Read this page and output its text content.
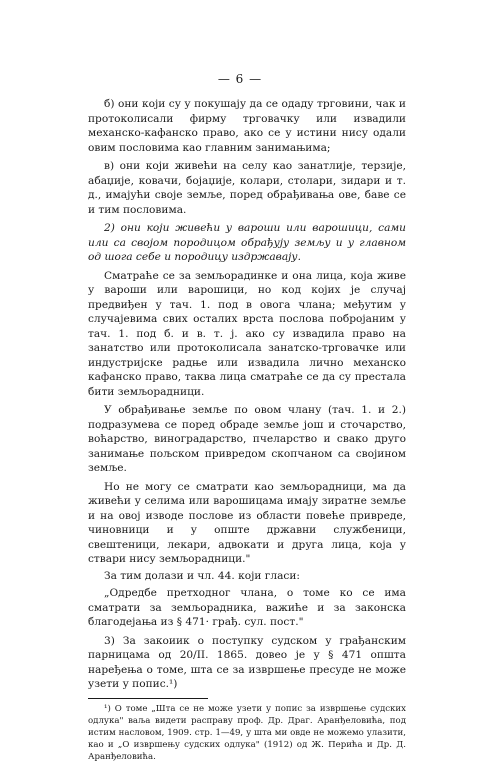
— 6 —

б) они који су у покушају да се одаду трговини, чак и протоколисали фирму трговачку или извадили механско-кафанско право, ако се у истини нису одали овим пословима као главним занимањима;

в) они који живећи на селу као занатлије, терзије, абаџије, ковачи, бојаџије, колари, столари, зидари и т. д., имајући своје земље, поред обрађивања ове, баве се и тим пословима.

2) они који живећи у вароши или варошици, сами или са својом породицом обрађују земљу и у главном од шога себе и породицу издржавају.

Сматраће се за земљорадинке и она лица, која живе у вароши или варошици, но код којих је случај предвиђен у тач. 1. под в овога члана; међутим у случајевима свих осталих врста послова побројаним у тач. 1. под б. и в. т. ј. ако су извадила право на занатство или протоколисала занатско-трговачке или индустријске радње или извадила лично механско кафанско право, таква лица сматраће се да су престала бити земљорадници.

У обрађивање земље по овом члану (тач. 1. и 2.) подразумева се поред обраде земље још и сточарство, воћарство, виноградарство, пчеларство и свако друго занимање пољском привредом скопчаном са својином земље.

Но не могу се сматрати као земљорадници, ма да живећи у селима или варошицама имају зиратне земље и на овој изводе послове из области повеће привреде, чиновници и у опште државни службеници, свештеници, лекари, адвокати и друга лица, која у ствари нису земљорадници."

За тим долази и чл. 44. који гласи:

„Одредбе претходног члана, о томе ко се има сматрати за земљорадника, важиће и за законска благодејања из § 471· грађ. сул. пост."

3) За закоиик о поступку судском у грађанским парницама од 20/II. 1865. довео је у § 471 општа наређења о томе, шта се за извршење пресуде не може узети у попис.¹)

¹) О томе „Шта се не може узети у попис за извршење судских одлука" ваља видети расправу проф. Др. Драг. Аранђеловића, под истим насловом, 1909. стр. 1—49, у шта ми овде не можемо улазити, као и „О извршењу судских одлука" (1912) од Ж. Перића и Др. Д. Аранђеловића.
